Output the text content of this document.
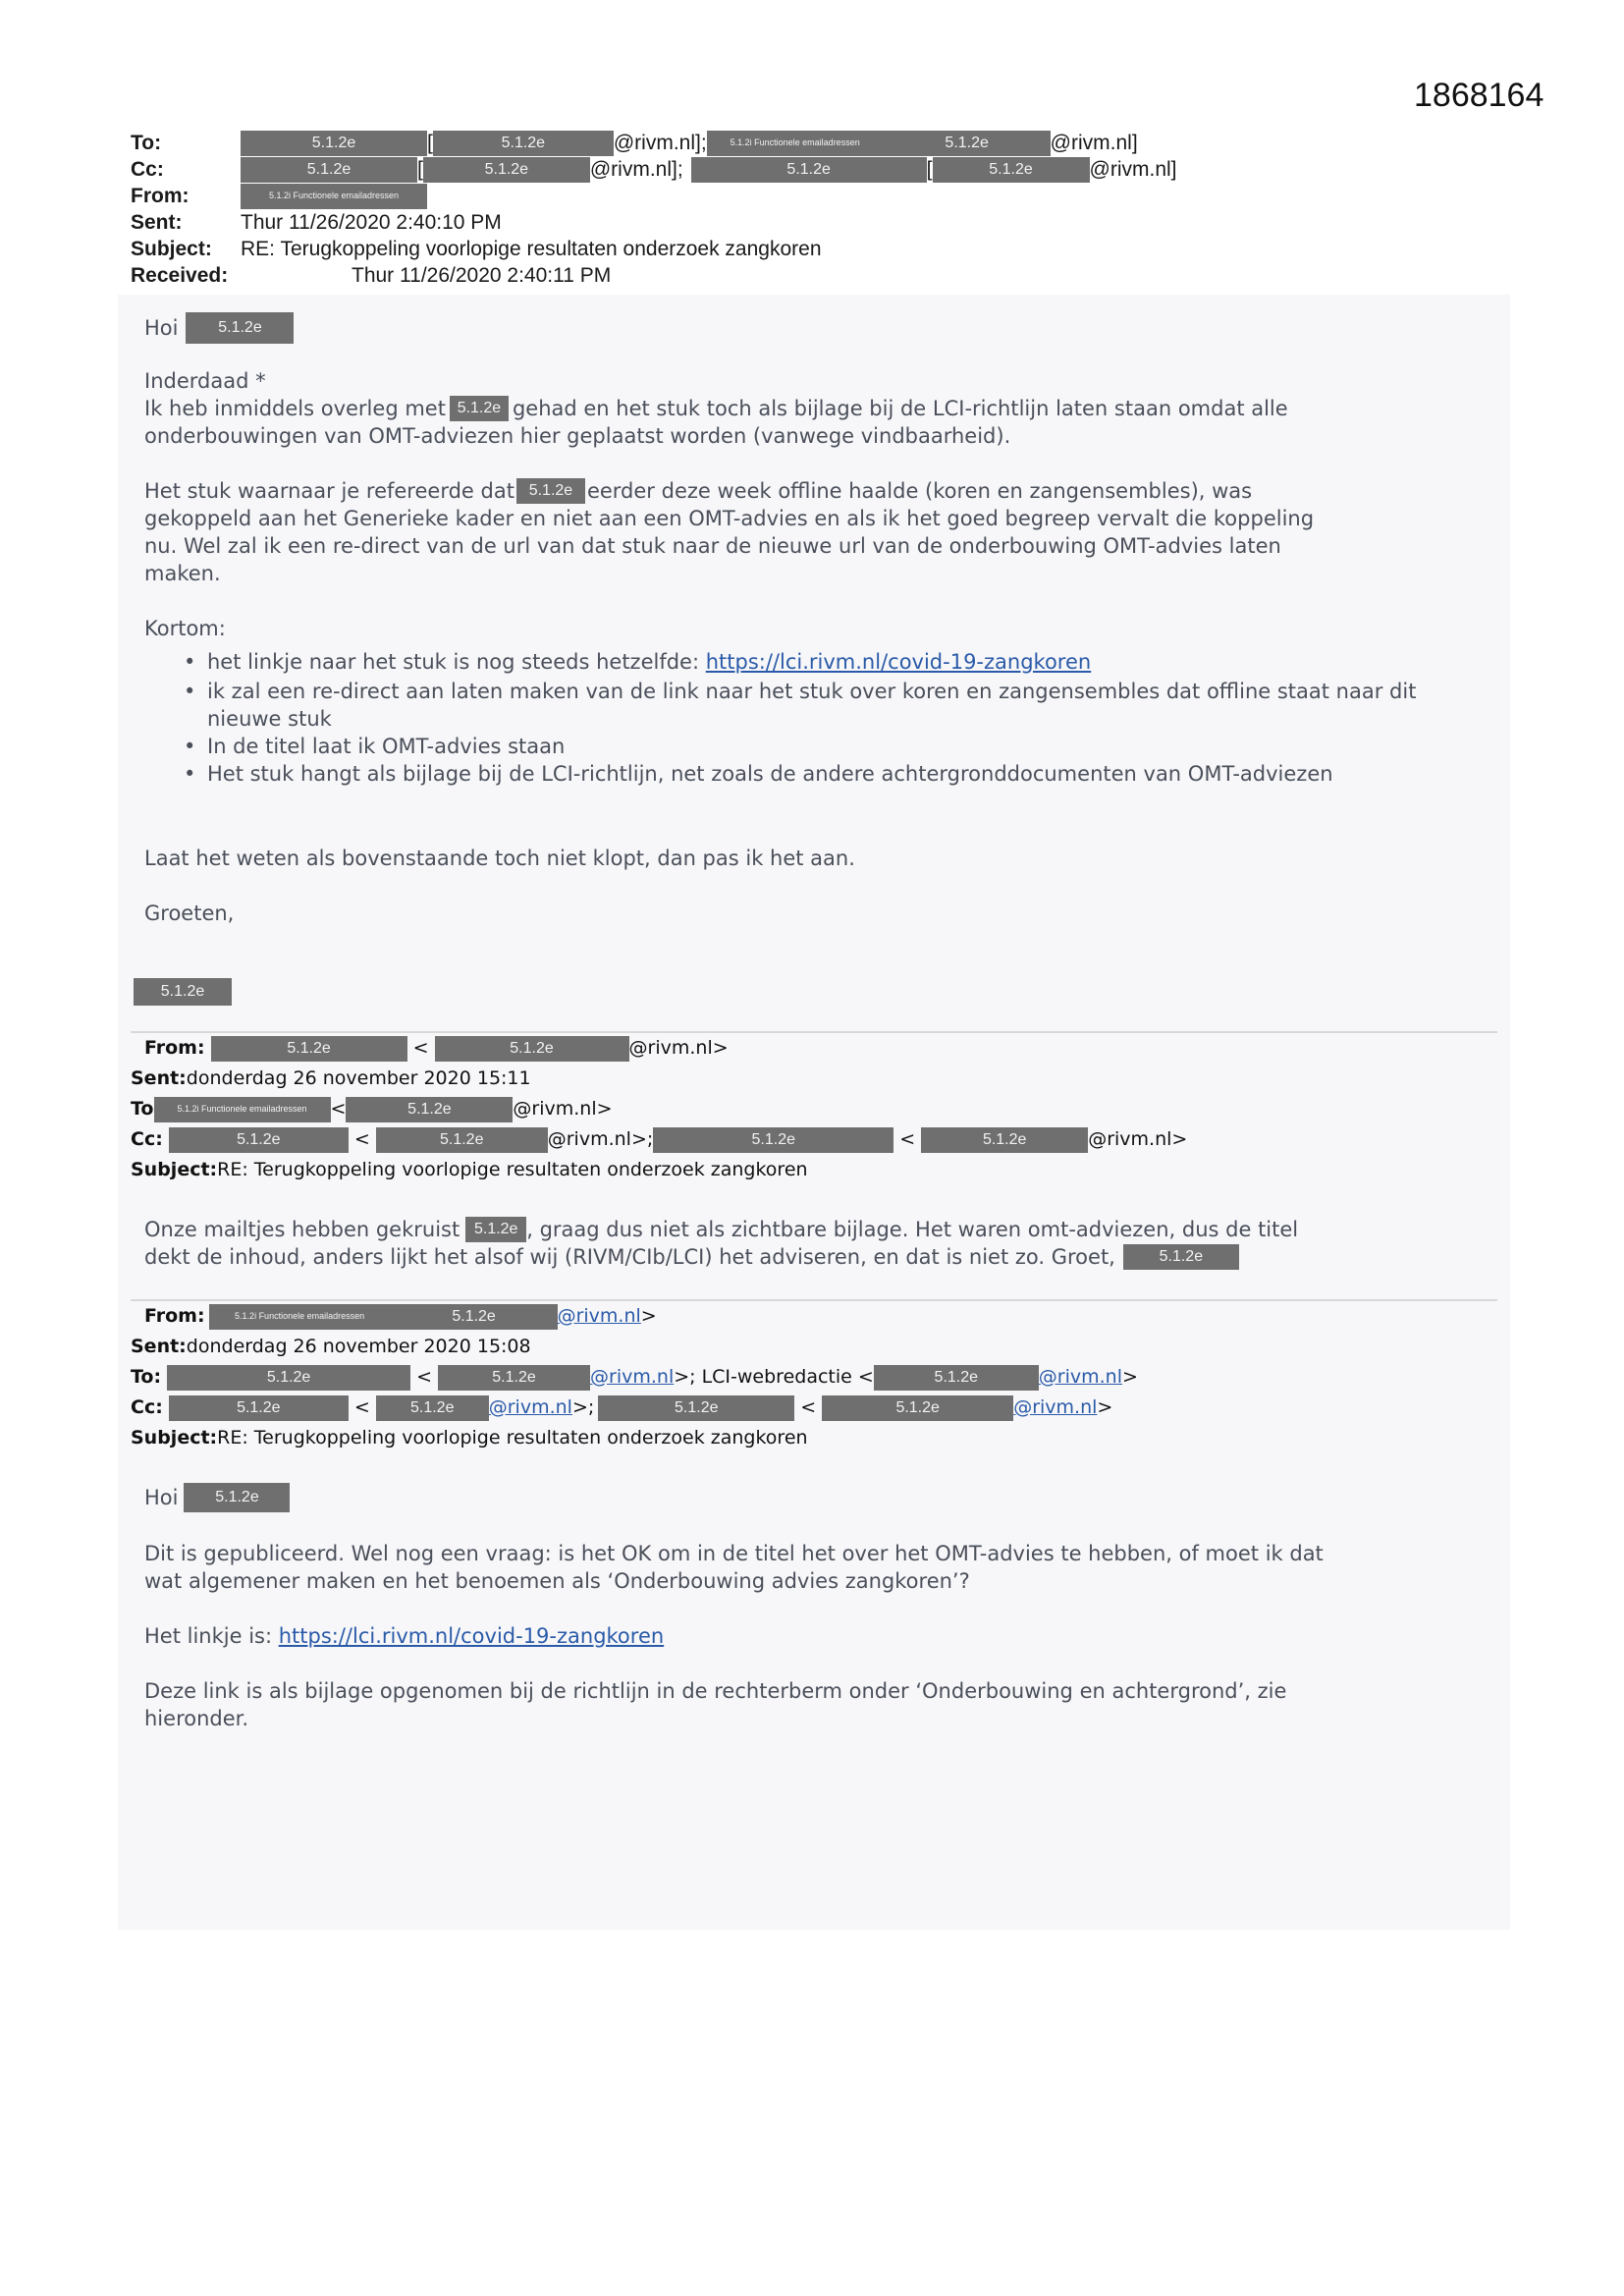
1868164
To:	5.1.2e	[	5.1.2e	@rivm.nl];	5.1.2i Functionele emailadressen	5.1.2e	@rivm.nl]
Cc:	5.1.2e	[	5.1.2e	@rivm.nl];	5.1.2e	[	5.1.2e	@rivm.nl]
From:	5.1.2i Functionele emailadressen
Sent:	Thur 11/26/2020 2:40:10 PM
Subject:	RE: Terugkoppeling voorlopige resultaten onderzoek zangkoren
Received:	Thur 11/26/2020 2:40:11 PM

Hoi	5.1.2e

Inderdaad *

Ik heb inmiddels overleg met 5.1.2e gehad en het stuk toch als bijlage bij de LCI-richtlijn laten staan omdat alle

onderbouwingen van OMT-adviezen hier geplaatst worden (vanwege vindbaarheid).

Het stuk waarnaar je refereerde dat 5.1.2e eerder deze week offline haalde (koren en zangensembles), was

gekoppeld aan het Generieke kader en niet aan een OMT-advies en als ik het goed begreep vervalt die koppeling

nu. Wel zal ik een re-direct van de url van dat stuk naar de nieuwe url van de onderbouwing OMT-advies laten

maken.

Kortom:

• het linkje naar het stuk is nog steeds hetzelfde: https://lci.rivm.nl/covid-19-zangkoren
• ik zal een re-direct aan laten maken van de link naar het stuk over koren en zangensembles dat offline staat naar dit nieuwe stuk
• In de titel laat ik OMT-advies staan
• Het stuk hangt als bijlage bij de LCI-richtlijn, net zoals de andere achtergronddocumenten van OMT-adviezen

Laat het weten als bovenstaande toch niet klopt, dan pas ik het aan.

Groeten,

5.1.2e
From:	5.1.2e	<	5.1.2e	@rivm.nl>
Sent: donderdag 26 november 2020 15:11
To	5.1.2i Functionele emailadressen	<	5.1.2e	@rivm.nl>
Cc:	5.1.2e	<	5.1.2e	@rivm.nl>;	5.1.2e	<	5.1.2e	@rivm.nl>
Subject: RE: Terugkoppeling voorlopige resultaten onderzoek zangkoren

Onze mailtjes hebben gekruist 5.1.2e , graag dus niet als zichtbare bijlage. Het waren omt-adviezen, dus de titel

dekt de inhoud, anders lijkt het alsof wij (RIVM/CIb/LCI) het adviseren, en dat is niet zo. Groet,	5.1.2e

From:	5.1.2i Functionele emailadressen	5.1.2e	@rivm.nl >
Sent: donderdag 26 november 2020 15:08
To:	5.1.2e	<	5.1.2e	@rivm.nl >; LCI-webredactie <	5.1.2e	@rivm.nl >
Cc:	5.1.2e	<	5.1.2e	@rivm.nl >;	5.1.2e	<	5.1.2e	@rivm.nl >
Subject: RE: Terugkoppeling voorlopige resultaten onderzoek zangkoren

Hoi	5.1.2e

Dit is gepubliceerd. Wel nog een vraag: is het OK om in de titel het over het OMT-advies te hebben, of moet ik dat

wat algemener maken en het benoemen als ‘Onderbouwing advies zangkoren’?

Het linkje is: https://lci.rivm.nl/covid-19-zangkoren

Deze link is als bijlage opgenomen bij de richtlijn in de rechterberm onder ‘Onderbouwing en achtergrond’, zie

hieronder.
